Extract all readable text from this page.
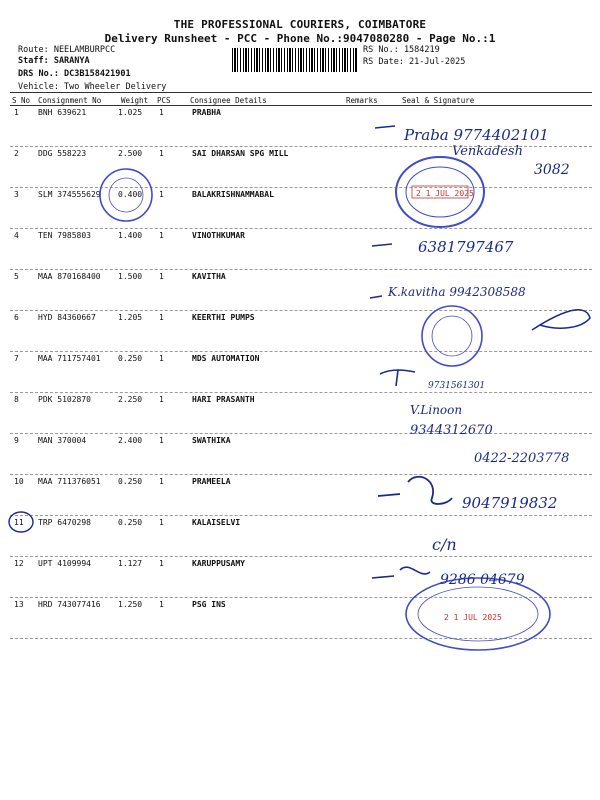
THE PROFESSIONAL COURIERS, COIMBATORE
Delivery Runsheet - PCC - Phone No.:9047080280 - Page No.:1
Route: NEELAMBURPCC
Staff: SARANYA
DRS No.: DC3B158421901
Vehicle: Two Wheeler Delivery
RS No.: 1584219
RS Date: 21-Jul-2025
S No Consignment No	Weight PCS	Consignee Details	Remarks	Seal & Signature
1 BNH 639621	1.025 1	PRABHA
2 DDG 558223	2.500 1	SAI DHARSAN SPG MILL
3 SLM 374555629 0.400 1	BALAKRISHNAMMABAL
4 TEN 7985803	1.400 1	VINOTHKUMAR
5 MAA 870168400 1.500 1	KAVITHA
6 HYD 84360667	1.205 1	KEERTHI PUMPS
7 MAA 711757401 0.250 1	MDS AUTOMATION
8 PDK 5102870	2.250 1	HARI PRASANTH
9 MAN 370004	2.400 1	SWATHIKA
10 MAA 711376051 0.250 1	PRAMEELA
11 TRP 6470298	0.250 1	KALAISELVI
12 UPT 4109994	1.127 1	KARUPPUSAMY
13 HRD 743077416 1.250 1	PSG INS
2 1 JUL 2025
2 1 JUL 2025
Praba 9774402101
Venkadesh
3082
6381797467
K.kavitha 9942308588
9731561301
V.Linoon
9344312670
0422-2203778
9047919832
c/n
9286 04679
